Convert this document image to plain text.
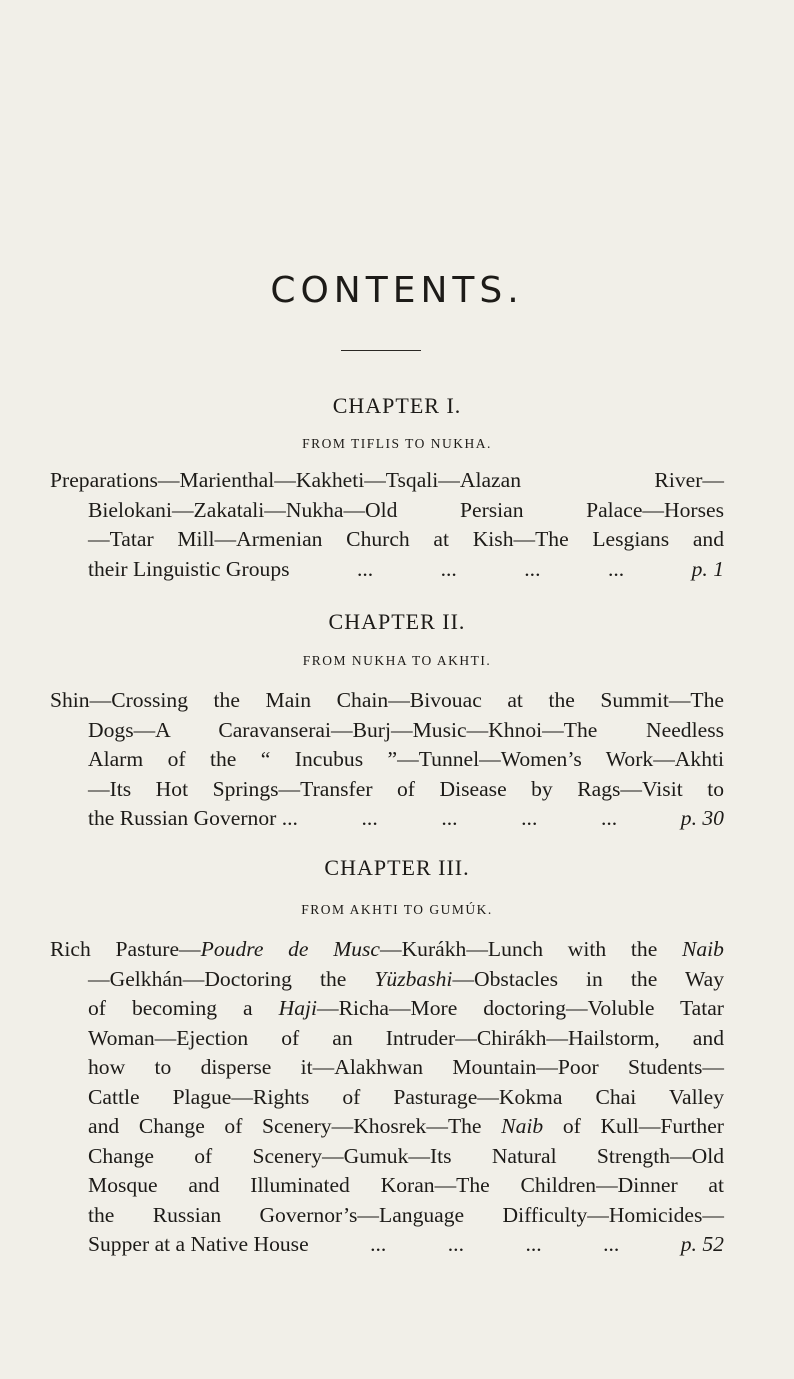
CONTENTS.
CHAPTER I.
FROM TIFLIS TO NUKHA.
Preparations—Marienthal—Kakheti—Tsqali—Alazan River—
Bielokani—Zakatali—Nukha—Old Persian Palace—Horses
—Tatar Mill—Armenian Church at Kish—The Lesgians and
their Linguistic Groups	...	...	...	...	p. 1
CHAPTER II.
FROM NUKHA TO AKHTI.
Shin—Crossing the Main Chain—Bivouac at the Summit—The
Dogs—A Caravanserai—Burj—Music—Khnoi—The Needless
Alarm of the “ Incubus ”—Tunnel—Women’s Work—Akhti
—Its Hot Springs—Transfer of Disease by Rags—Visit to
the Russian Governor ...	...	...	...	...	p. 30
CHAPTER III.
FROM AKHTI TO GUMÚK.
Rich Pasture—Poudre de Musc—Kurákh—Lunch with the Naib
—Gelkhán—Doctoring the Yüzbashi—Obstacles in the Way
of becoming a Haji—Richa—More doctoring—Voluble Tatar
Woman—Ejection of an Intruder—Chirákh—Hailstorm, and
how to disperse it—Alakhwan Mountain—Poor Students—
Cattle Plague—Rights of Pasturage—Kokma Chai Valley
and Change of Scenery—Khosrek—The Naib of Kull—Further
Change of Scenery—Gumuk—Its Natural Strength—Old
Mosque and Illuminated Koran—The Children—Dinner at
the Russian Governor’s—Language Difficulty—Homicides—
Supper at a Native House	...	...	...	...	p. 52
